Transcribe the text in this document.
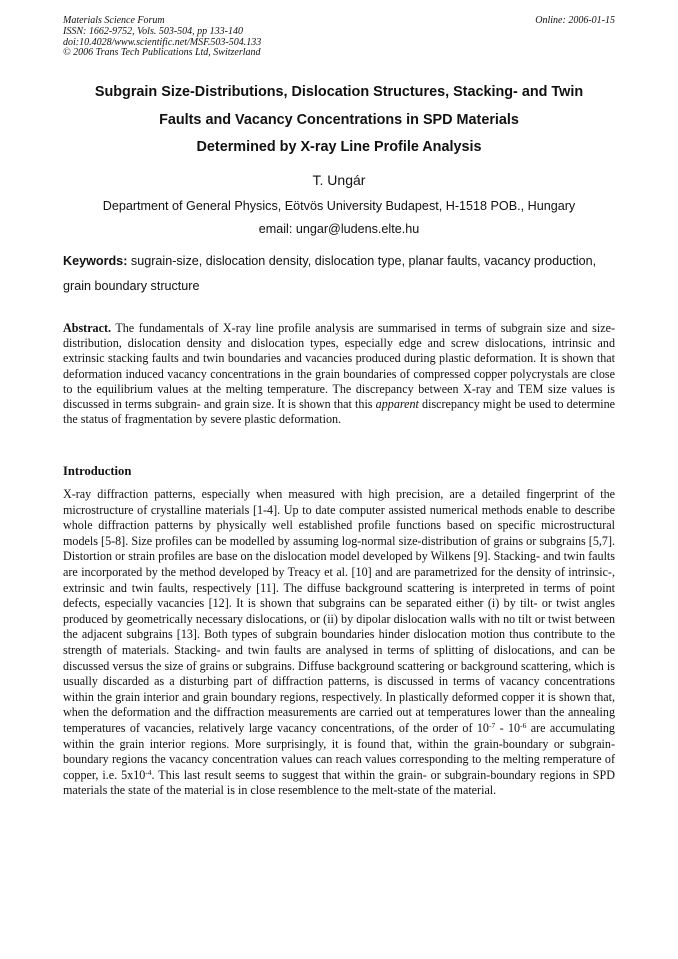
Materials Science Forum
ISSN: 1662-9752, Vols. 503-504, pp 133-140
doi:10.4028/www.scientific.net/MSF.503-504.133
© 2006 Trans Tech Publications Ltd, Switzerland
Online: 2006-01-15
Subgrain Size-Distributions, Dislocation Structures, Stacking- and Twin
Faults and Vacancy Concentrations in SPD Materials
Determined by X-ray Line Profile Analysis
T. Ungár
Department of General Physics, Eötvös University Budapest, H-1518 POB., Hungary
email: ungar@ludens.elte.hu
Keywords: sugrain-size, dislocation density, dislocation type, planar faults, vacancy production, grain boundary structure
Abstract. The fundamentals of X-ray line profile analysis are summarised in terms of subgrain size and size-distribution, dislocation density and dislocation types, especially edge and screw dislocations, intrinsic and extrinsic stacking faults and twin boundaries and vacancies produced during plastic deformation. It is shown that deformation induced vacancy concentrations in the grain boundaries of compressed copper polycrystals are close to the equilibrium values at the melting temperature. The discrepancy between X-ray and TEM size values is discussed in terms subgrain- and grain size. It is shown that this apparent discrepancy might be used to determine the status of fragmentation by severe plastic deformation.
Introduction
X-ray diffraction patterns, especially when measured with high precision, are a detailed fingerprint of the microstructure of crystalline materials [1-4]. Up to date computer assisted numerical methods enable to describe whole diffraction patterns by physically well established profile functions based on specific microstructural models [5-8]. Size profiles can be modelled by assuming log-normal size-distribution of grains or subgrains [5,7]. Distortion or strain profiles are base on the dislocation model developed by Wilkens [9]. Stacking- and twin faults are incorporated by the method developed by Treacy et al. [10] and are parametrized for the density of intrinsic-, extrinsic and twin faults, respectively [11]. The diffuse background scattering is interpreted in terms of point defects, especially vacancies [12]. It is shown that subgrains can be separated either (i) by tilt- or twist angles produced by geometrically necessary dislocations, or (ii) by dipolar dislocation walls with no tilt or twist between the adjacent subgrains [13]. Both types of subgrain boundaries hinder dislocation motion thus contribute to the strength of materials. Stacking- and twin faults are analysed in terms of splitting of dislocations, and can be discussed versus the size of grains or subgrains. Diffuse background scattering or background scattering, which is usually discarded as a disturbing part of diffraction patterns, is discussed in terms of vacancy concentrations within the grain interior and grain boundary regions, respectively. In plastically deformed copper it is shown that, when the deformation and the diffraction measurements are carried out at temperatures lower than the annealing temperatures of vacancies, relatively large vacancy concentrations, of the order of $10^{-7} - 10^{-6}$ are accumulating within the grain interior regions. More surprisingly, it is found that, within the grain-boundary or subgrain-boundary regions the vacancy concentration values can reach values corresponding to the melting remperature of copper, i.e. $5x10^{-4}$. This last result seems to suggest that within the grain- or subgrain-boundary regions in SPD materials the state of the material is in close resemblence to the melt-state of the material.
